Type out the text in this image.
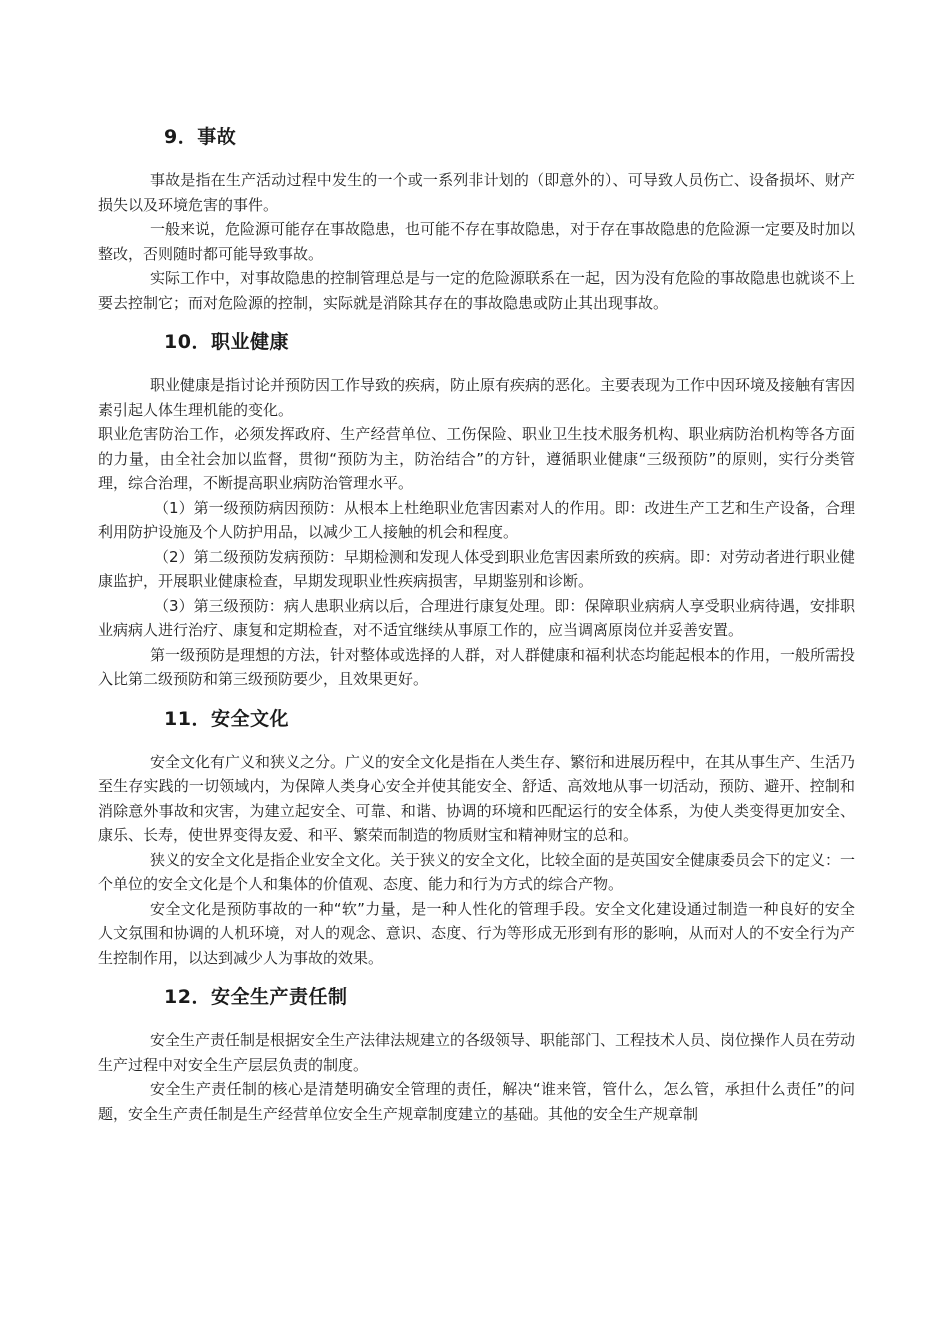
9．事故

事故是指在生产活动过程中发生的一个或一系列非计划的（即意外的）、可导致人员伤亡、设备损坏、财产损失以及环境危害的事件。

一般来说，危险源可能存在事故隐患，也可能不存在事故隐患，对于存在事故隐患的危险源一定要及时加以整改，否则随时都可能导致事故。

实际工作中，对事故隐患的控制管理总是与一定的危险源联系在一起，因为没有危险的事故隐患也就谈不上要去控制它；而对危险源的控制，实际就是消除其存在的事故隐患或防止其出现事故。

10．职业健康

职业健康是指讨论并预防因工作导致的疾病，防止原有疾病的恶化。主要表现为工作中因环境及接触有害因素引起人体生理机能的变化。

职业危害防治工作，必须发挥政府、生产经营单位、工伤保险、职业卫生技术服务机构、职业病防治机构等各方面的力量，由全社会加以监督，贯彻“预防为主，防治结合”的方针，遵循职业健康“三级预防”的原则，实行分类管理，综合治理，不断提高职业病防治管理水平。

（1）第一级预防病因预防：从根本上杜绝职业危害因素对人的作用。即：改进生产工艺和生产设备，合理利用防护设施及个人防护用品，以减少工人接触的机会和程度。

（2）第二级预防发病预防：早期检测和发现人体受到职业危害因素所致的疾病。即：对劳动者进行职业健康监护，开展职业健康检查，早期发现职业性疾病损害，早期鉴别和诊断。

（3）第三级预防：病人患职业病以后，合理进行康复处理。即：保障职业病病人享受职业病待遇，安排职业病病人进行治疗、康复和定期检查，对不适宜继续从事原工作的，应当调离原岗位并妥善安置。

第一级预防是理想的方法，针对整体或选择的人群，对人群健康和福利状态均能起根本的作用，一般所需投入比第二级预防和第三级预防要少，且效果更好。

11．安全文化

安全文化有广义和狭义之分。广义的安全文化是指在人类生存、繁衍和进展历程中，在其从事生产、生活乃至生存实践的一切领域内，为保障人类身心安全并使其能安全、舒适、高效地从事一切活动，预防、避开、控制和消除意外事故和灾害，为建立起安全、可靠、和谐、协调的环境和匹配运行的安全体系，为使人类变得更加安全、康乐、长寿，使世界变得友爱、和平、繁荣而制造的物质财宝和精神财宝的总和。

狭义的安全文化是指企业安全文化。关于狭义的安全文化，比较全面的是英国安全健康委员会下的定义：一个单位的安全文化是个人和集体的价值观、态度、能力和行为方式的综合产物。

安全文化是预防事故的一种“软”力量，是一种人性化的管理手段。安全文化建设通过制造一种良好的安全人文氛围和协调的人机环境，对人的观念、意识、态度、行为等形成无形到有形的影响，从而对人的不安全行为产生控制作用，以达到减少人为事故的效果。

12．安全生产责任制

安全生产责任制是根据安全生产法律法规建立的各级领导、职能部门、工程技术人员、岗位操作人员在劳动生产过程中对安全生产层层负责的制度。

安全生产责任制的核心是清楚明确安全管理的责任，解决“谁来管，管什么，怎么管，承担什么责任”的问题，安全生产责任制是生产经营单位安全生产规章制度建立的基础。其他的安全生产规章制
